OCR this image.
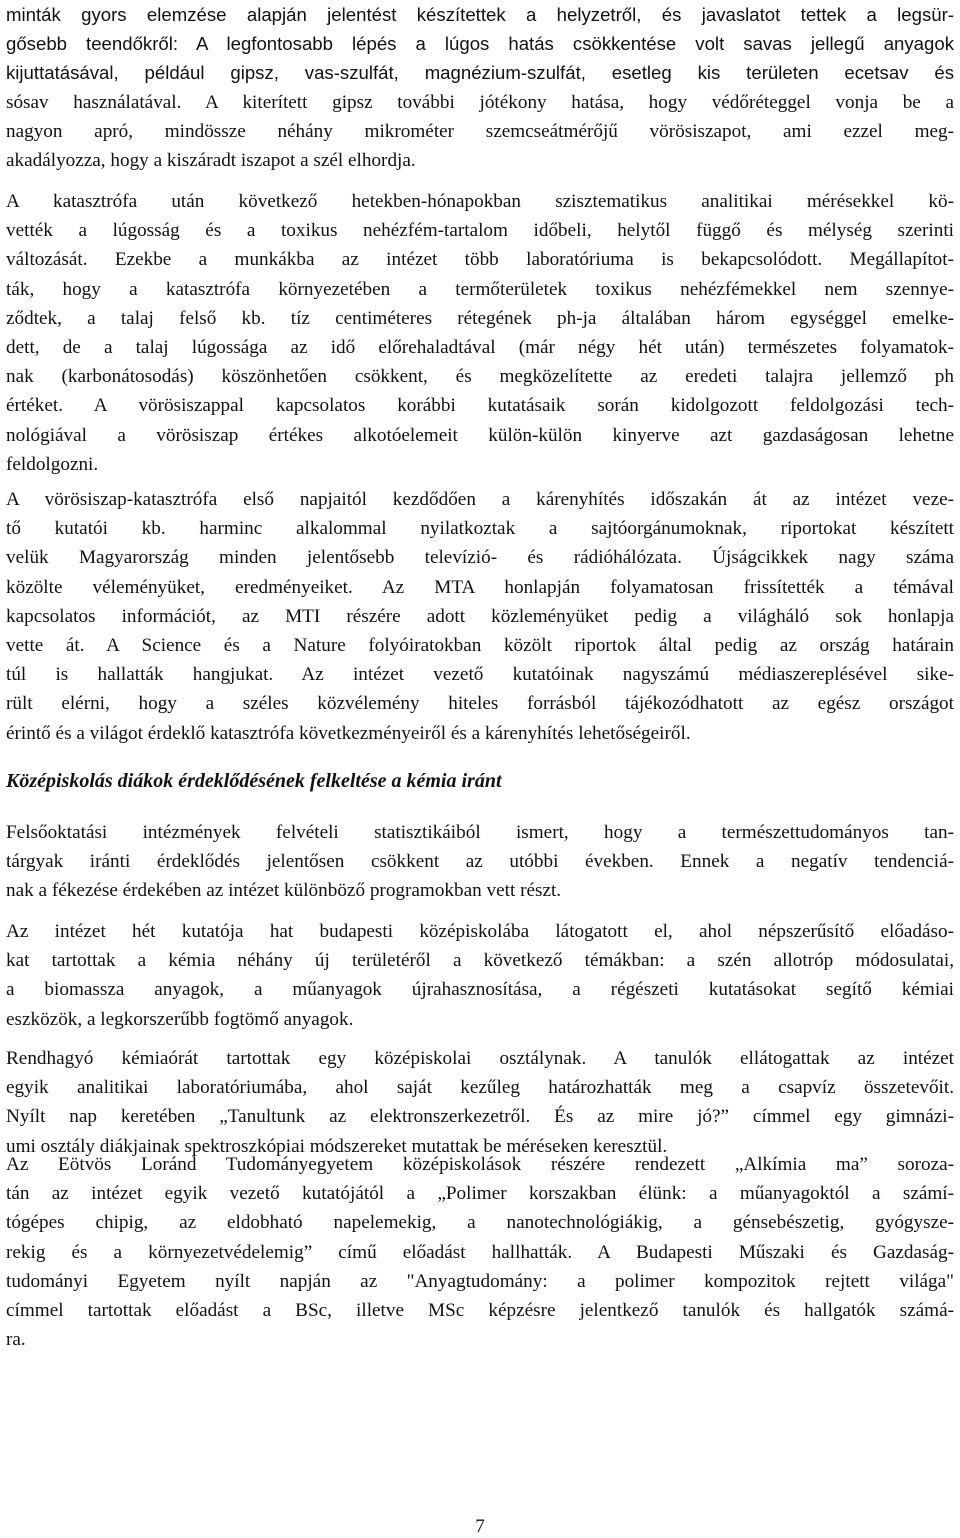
minták gyors elemzése alapján jelentést készítettek a helyzetről, és javaslatot tettek a legsür-
gősebb teendőkről: A legfontosabb lépés a lúgos hatás csökkentése volt savas jellegű anyagok
kijuttatásával, például gipsz, vas-szulfát, magnézium-szulfát, esetleg kis területen ecetsav és
sósav használatával. A kiterített gipsz további jótékony hatása, hogy védőréteggel vonja be a
nagyon apró, mindössze néhány mikrométer szemcseátmérőjű vörösiszapot, ami ezzel meg-
akadályozza, hogy a kiszáradt iszapot a szél elhordja.
A katasztrófa után következő hetekben-hónapokban szisztematikus analitikai mérésekkel kö-
vették a lúgosság és a toxikus nehézfém-tartalom időbeli, helytől függő és mélység szerinti
változását. Ezekbe a munkákba az intézet több laboratóriuma is bekapcsolódott. Megállapítot-
ták, hogy a katasztrófa környezetében a termőterületek toxikus nehézfémekkel nem szennye-
ződtek, a talaj felső kb. tíz centiméteres rétegének ph-ja általában három egységgel emelke-
dett, de a talaj lúgossága az idő előrehaladtával (már négy hét után) természetes folyamatok-
nak (karbonátosodás) köszönhetően csökkent, és megközelítette az eredeti talajra jellemző ph
értéket. A vörösiszappal kapcsolatos korábbi kutatásaik során kidolgozott feldolgozási tech-
nológiával a vörösiszap értékes alkotóelemeit külön-külön kinyerve azt gazdaságosan lehetne
feldolgozni.
A vörösiszap-katasztrófa első napjaitól kezdődően a kárenyhítés időszakán át az intézet veze-
tő kutatói kb. harminc alkalommal nyilatkoztak a sajtóorgánumoknak, riportokat készített
velük Magyarország minden jelentősebb televízió- és rádióhálózata. Újságcikkek nagy száma
közölte véleményüket, eredményeiket. Az MTA honlapján folyamatosan frissítették a témával
kapcsolatos információt, az MTI részére adott közleményüket pedig a világháló sok honlapja
vette át. A Science és a Nature folyóiratokban közölt riportok által pedig az ország határain
túl is hallatták hangjukat. Az intézet vezető kutatóinak nagyszámú médiaszereplésével sike-
rült elérni, hogy a széles közvélemény hiteles forrásból tájékozódhatott az egész országot
érintő és a világot érdeklő katasztrófa következményeiről és a kárenyhítés lehetőségeiről.
Középiskolás diákok érdeklődésének felkeltése a kémia iránt
Felsőoktatási intézmények felvételi statisztikáiból ismert, hogy a természettudományos tan-
tárgyak iránti érdeklődés jelentősen csökkent az utóbbi években. Ennek a negatív tendenciá-
nak a fékezése érdekében az intézet különböző programokban vett részt.
Az intézet hét kutatója hat budapesti középiskolába látogatott el, ahol népszerűsítő előadáso-
kat tartottak a kémia néhány új területéről a következő témákban: a szén allotróp módosulatai,
a biomassza anyagok, a műanyagok újrahasznosítása, a régészeti kutatásokat segítő kémiai
eszközök, a legkorszerűbb fogtömő anyagok.
Rendhagyó kémiaórát tartottak egy középiskolai osztálynak. A tanulók ellátogattak az intézet
egyik analitikai laboratóriumába, ahol saját kezűleg határozhatták meg a csapvíz összetevőit.
Nyílt nap keretében „Tanultunk az elektronszerkezetről. És az mire jó?” címmel egy gimnázi-
umi osztály diákjainak spektroszkópiai módszereket mutattak be méréseken keresztül.
Az Eötvös Loránd Tudományegyetem középiskolások részére rendezett „Alkímia ma” soroza-
tán az intézet egyik vezető kutatójától a „Polimer korszakban élünk: a műanyagoktól a számí-
tógépes chipig, az eldobható napelemekig, a nanotechnológiákig, a génsebészetig, gyógysze-
rekig és a környezetvédelemig” című előadást hallhatták. A Budapesti Műszaki és Gazdaság-
tudományi Egyetem nyílt napján az "Anyagtudomány: a polimer kompozitok rejtett világa"
címmel tartottak előadást a BSc, illetve MSc képzésre jelentkező tanulók és hallgatók számá-
ra.
7
